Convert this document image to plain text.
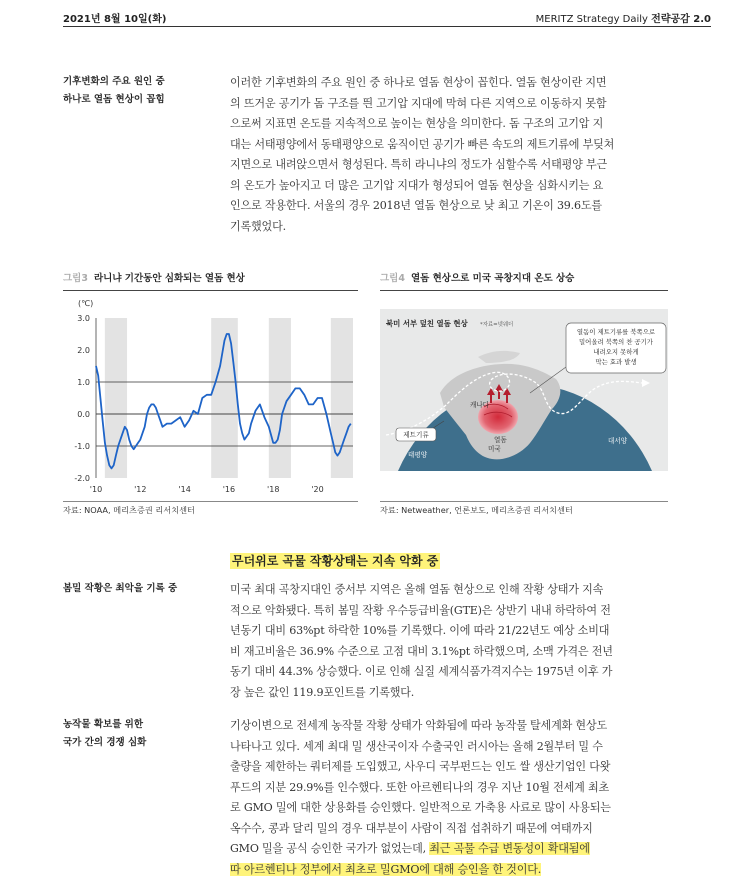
2021년 8월 10일(화)	MERITZ Strategy Daily 전략공감 2.0
기후변화의 주요 원인 중
하나로 열돔 현상이 꼽힘
이러한 기후변화의 주요 원인 중 하나로 열돔 현상이 꼽힌다. 열돔 현상이란 지면
의 뜨거운 공기가 돔 구조를 띈 고기압 지대에 막혀 다른 지역으로 이동하지 못함
으로써 지표면 온도를 지속적으로 높이는 현상을 의미한다. 돔 구조의 고기압 지
대는 서태평양에서 동태평양으로 움직이던 공기가 빠른 속도의 제트기류에 부딪쳐
지면으로 내려앉으면서 형성된다. 특히 라니냐의 정도가 심할수록 서태평양 부근
의 온도가 높아지고 더 많은 고기압 지대가 형성되어 열돔 현상을 심화시키는 요
인으로 작용한다. 서울의 경우 2018년 열돔 현상으로 낮 최고 기온이 39.6도를
기록했었다.
그림3 라니냐 기간동안 심화되는 열돔 현상
3.0
2.0
1.0
0.0
-1.0
-2.0
'10	'12	'14	'16	'18	'20
(℃)
자료: NOAA, 메리츠증권 리서치센터
그림4 열돔 현상으로 미국 곡창지대 온도 상승
열돔이 제트기류를 북쪽으로
밀어올려 북쪽의 찬 공기가
내려오지 못하게
막는 효과 발생
북미 서부 덮친 열돔 현상 *자료=넷웨더
캐나다
열돔
미국
대서양
태평양
제트기류
자료: Netweather, 언론보도, 메리츠증권 리서치센터
무더위로 곡물 작황상태는 지속 악화 중
봄밀 작황은 최악을 기록 중	미국 최대 곡창지대인 중서부 지역은 올해 열돔 현상으로 인해 작황 상태가 지속
적으로 악화됐다. 특히 봄밀 작황 우수등급비율(GTE)은 상반기 내내 하락하여 전
년동기 대비 63%pt 하락한 10%를 기록했다. 이에 따라 21/22년도 예상 소비대
비 재고비율은 36.9% 수준으로 고점 대비 3.1%pt 하락했으며, 소맥 가격은 전년
동기 대비 44.3% 상승했다. 이로 인해 실질 세계식품가격지수는 1975년 이후 가
장 높은 값인 119.9포인트를 기록했다.
농작물 확보를 위한
국가 간의 경쟁 심화
기상이변으로 전세계 농작물 작황 상태가 악화됨에 따라 농작물 탈세계화 현상도
나타나고 있다. 세계 최대 밀 생산국이자 수출국인 러시아는 올해 2월부터 밀 수
출량을 제한하는 쿼터제를 도입했고, 사우디 국부펀드는 인도 쌀 생산기업인 다왓
푸드의 지분 29.9%를 인수했다. 또한 아르헨티나의 경우 지난 10월 전세계 최초
로 GMO 밀에 대한 상용화를 승인했다. 일반적으로 가축용 사료로 많이 사용되는
옥수수, 콩과 달리 밀의 경우 대부분이 사람이 직접 섭취하기 때문에 여태까지
GMO 밀을 공식 승인한 국가가 없었는데, 최근 곡물 수급 변동성이 확대됨에
따 아르헨티나 정부에서 최초로 밀GMO에 대해 승인을 한 것이다.
